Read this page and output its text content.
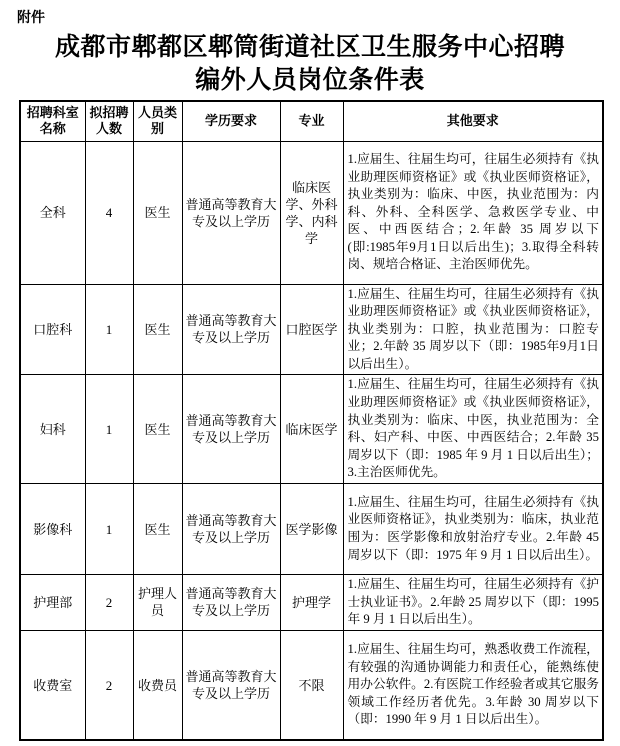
附件
成都市郫都区郫筒街道社区卫生服务中心招聘
编外人员岗位条件表
招聘科室名称	拟招聘人数	人员类别	学历要求	专业	其他要求
全科	4	医生	普通高等教育大专及以上学历	临床医学、外科学、内科学	1.应届生、往届生均可，往届生必须持有《执业助理医师资格证》或《执业医师资格证》，执业类别为：临床、中医，执业范围为：内科、外科、全科医学、急救医学专业、中医、中西医结合；2.年龄 35 周岁以下(即:1985年9月1日以后出生)；3.取得全科转岗、规培合格证、主治医师优先。
口腔科	1	医生	普通高等教育大专及以上学历	口腔医学	1.应届生、往届生均可，往届生必须持有《执业助理医师资格证》或《执业医师资格证》，执业类别为：口腔，执业范围为：口腔专业；2.年龄 35 周岁以下（即：1985年9月1日以后出生）。
妇科	1	医生	普通高等教育大专及以上学历	临床医学	1.应届生、往届生均可，往届生必须持有《执业助理医师资格证》或《执业医师资格证》，执业类别为：临床、中医，执业范围为：全科、妇产科、中医、中西医结合；2.年龄 35 周岁以下（即：1985 年 9 月 1 日以后出生）；3.主治医师优先。
影像科	1	医生	普通高等教育大专及以上学历	医学影像	1.应届生、往届生均可，往届生必须持有《执业医师资格证》，执业类别为：临床，执业范围为：医学影像和放射治疗专业。2.年龄 45 周岁以下（即：1975 年 9 月 1 日以后出生）。
护理部	2	护理人员	普通高等教育大专及以上学历	护理学	1.应届生、往届生均可，往届生必须持有《护士执业证书》。2.年龄 25 周岁以下（即：1995 年 9 月 1 日以后出生）。
收费室	2	收费员	普通高等教育大专及以上学历	不限	1.应届生、往届生均可，熟悉收费工作流程，有较强的沟通协调能力和责任心，能熟练使用办公软件。2.有医院工作经验者或其它服务领域工作经历者优先。3.年龄 30 周岁以下（即：1990 年 9 月 1 日以后出生）。
